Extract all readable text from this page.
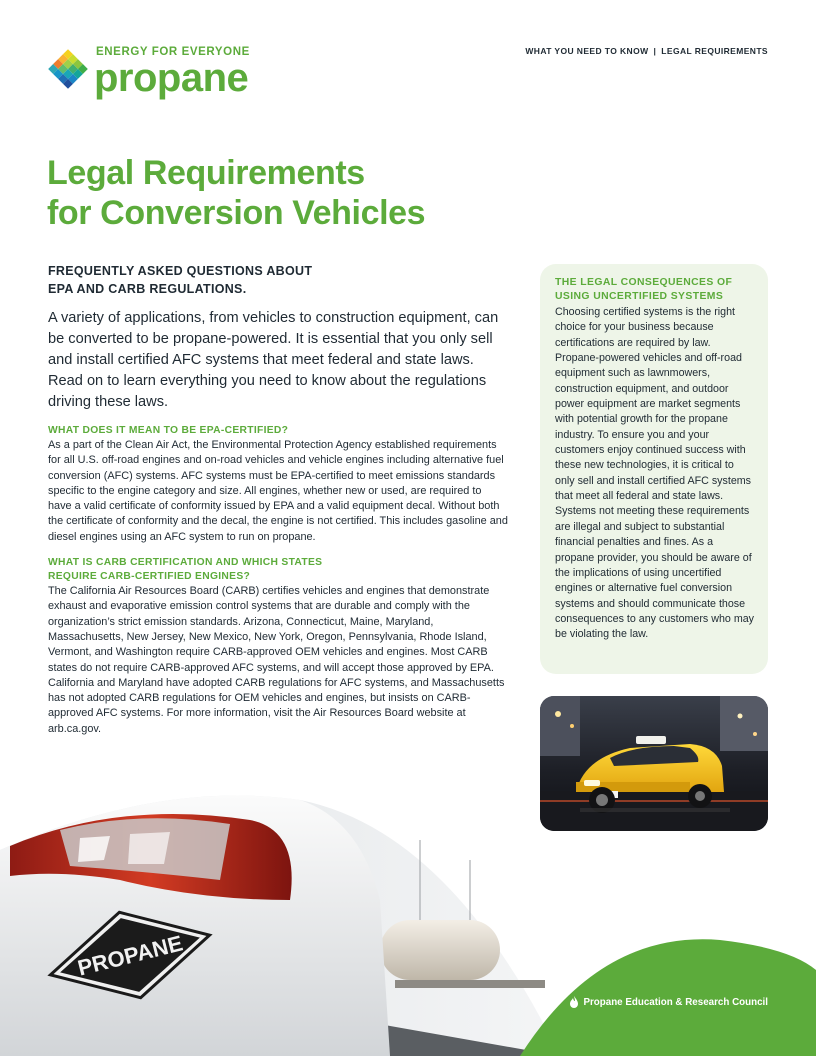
ENERGY FOR EVERYONE
propane
WHAT YOU NEED TO KNOW | LEGAL REQUIREMENTS
Legal Requirements
for Conversion Vehicles
FREQUENTLY ASKED QUESTIONS ABOUT
EPA AND CARB REGULATIONS.

A variety of applications, from vehicles to construction equipment, can be converted to be propane-powered. It is essential that you only sell and install certified AFC systems that meet federal and state laws. Read on to learn everything you need to know about the regulations driving these laws.

WHAT DOES IT MEAN TO BE EPA-CERTIFIED?

As a part of the Clean Air Act, the Environmental Protection Agency established requirements for all U.S. off-road engines and on-road vehicles and vehicle engines including alternative fuel conversion (AFC) systems. AFC systems must be EPA-certified to meet emissions standards specific to the engine category and size. All engines, whether new or used, are required to have a valid certificate of conformity issued by EPA and a valid equipment decal. Without both the certificate of conformity and the decal, the engine is not certified. This includes gasoline and diesel engines using an AFC system to run on propane.

WHAT IS CARB CERTIFICATION AND WHICH STATES
REQUIRE CARB-CERTIFIED ENGINES?

The California Air Resources Board (CARB) certifies vehicles and engines that demonstrate exhaust and evaporative emission control systems that are durable and comply with the organization’s strict emission standards. Arizona, Connecticut, Maine, Maryland, Massachusetts, New Jersey, New Mexico, New York, Oregon, Pennsylvania, Rhode Island, Vermont, and Washington require CARB-approved OEM vehicles and engines. Most CARB states do not require CARB-approved AFC systems, and will accept those approved by EPA. California and Maryland have adopted CARB regulations for AFC systems, and Massachusetts has not adopted CARB regulations for OEM vehicles and engines, but insists on CARB-approved AFC systems. For more information, visit the Air Resources Board website at arb.ca.gov.

THE LEGAL CONSEQUENCES OF
USING UNCERTIFIED SYSTEMS

Choosing certified systems is the right choice for your business because certifications are required by law. Propane-powered vehicles and off-road equipment such as lawnmowers, construction equipment, and outdoor power equipment are market segments with potential growth for the propane industry. To ensure you and your customers enjoy continued success with these new technologies, it is critical to only sell and install certified AFC systems that meet all federal and state laws. Systems not meeting these requirements are illegal and subject to substantial financial penalties and fines. As a propane provider, you should be aware of the implications of using uncertified engines or alternative fuel conversion systems and should communicate those consequences to any customers who may be violating the law.

PROPANE
Propane Education & Research Council
